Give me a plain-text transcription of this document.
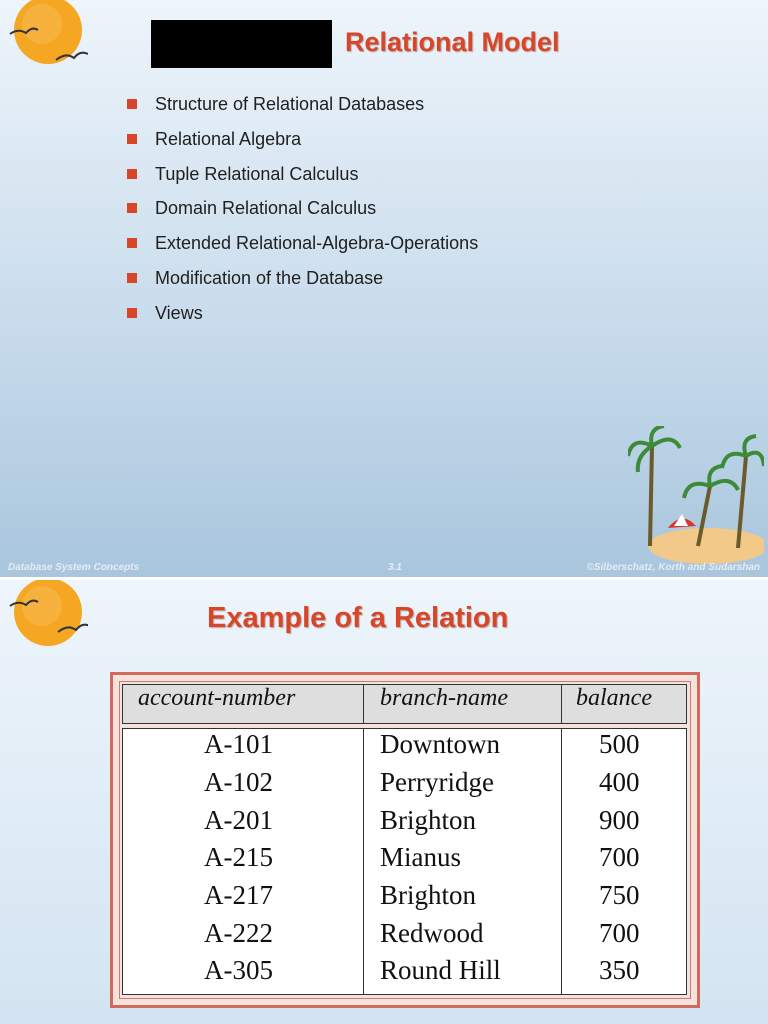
Relational Model
Structure of Relational Databases
Relational Algebra
Tuple Relational Calculus
Domain Relational Calculus
Extended Relational-Algebra-Operations
Modification of the Database
Views
Database System Concepts	3.1	©Silberschatz, Korth and Sudarshan
Example of a Relation
account-number	branch-name	balance
A-101	Downtown	500
A-102	Perryridge	400
A-201	Brighton	900
A-215	Mianus	700
A-217	Brighton	750
A-222	Redwood	700
A-305	Round Hill	350
